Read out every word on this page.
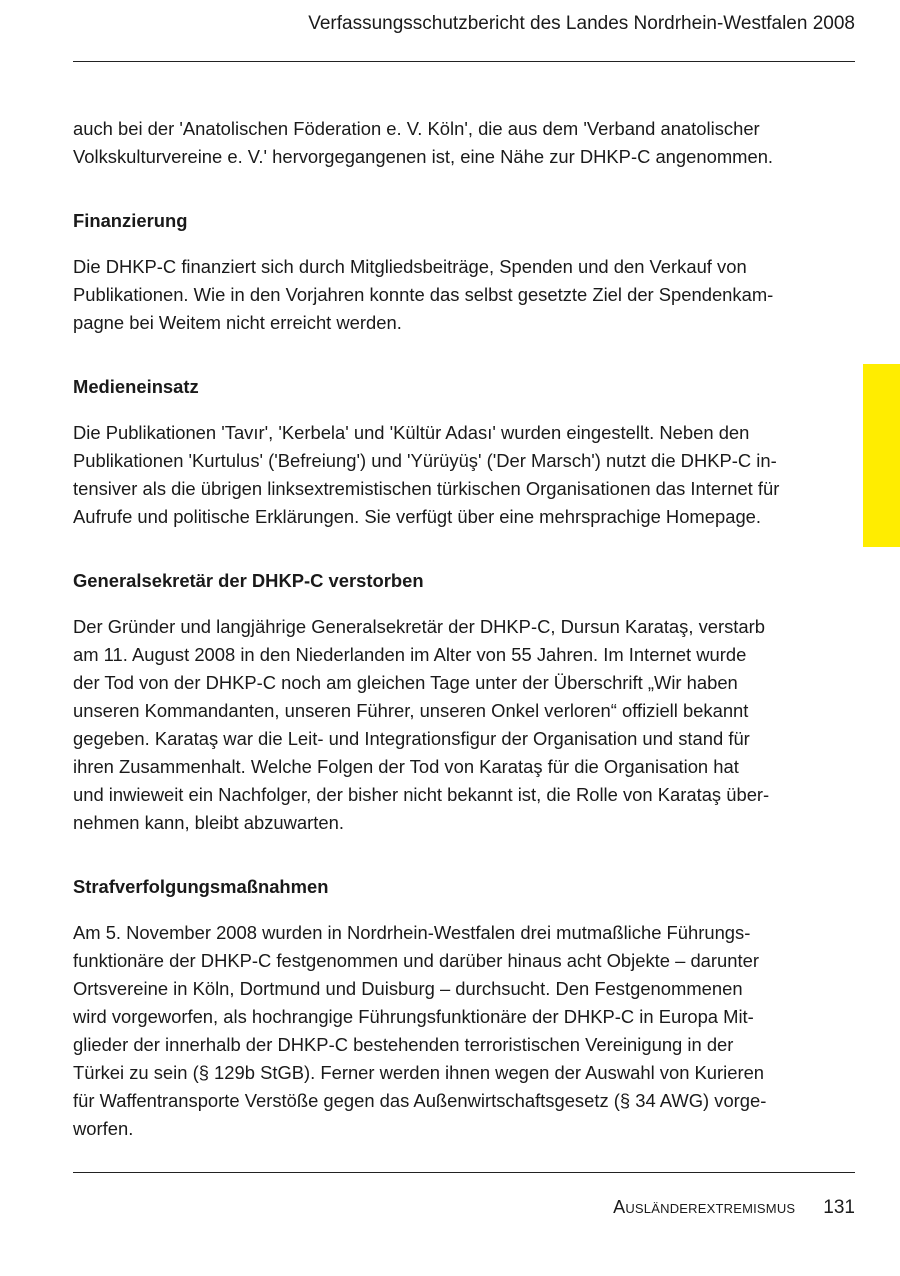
Verfassungsschutzbericht des Landes Nordrhein-Westfalen 2008

auch bei der 'Anatolischen Föderation e. V. Köln', die aus dem 'Verband anatolischer
Volkskulturvereine e. V.' hervorgegangenen ist, eine Nähe zur DHKP-C angenommen.

Finanzierung

Die DHKP-C finanziert sich durch Mitgliedsbeiträge, Spenden und den Verkauf von
Publikationen. Wie in den Vorjahren konnte das selbst gesetzte Ziel der Spendenkam-
pagne bei Weitem nicht erreicht werden.

Medieneinsatz

Die Publikationen 'Tavır', 'Kerbela' und 'Kültür Adası' wurden eingestellt. Neben den
Publikationen 'Kurtulus' ('Befreiung') und 'Yürüyüş' ('Der Marsch') nutzt die DHKP-C in-
tensiver als die übrigen linksextremistischen türkischen Organisationen das Internet für
Aufrufe und politische Erklärungen. Sie verfügt über eine mehrsprachige Homepage.

Generalsekretär der DHKP-C verstorben

Der Gründer und langjährige Generalsekretär der DHKP-C, Dursun Karataş, verstarb
am 11. August 2008 in den Niederlanden im Alter von 55 Jahren. Im Internet wurde
der Tod von der DHKP-C noch am gleichen Tage unter der Überschrift „Wir haben
unseren Kommandanten, unseren Führer, unseren Onkel verloren“ offiziell bekannt
gegeben. Karataş war die Leit- und Integrationsfigur der Organisation und stand für
ihren Zusammenhalt. Welche Folgen der Tod von Karataş für die Organisation hat
und inwieweit ein Nachfolger, der bisher nicht bekannt ist, die Rolle von Karataş über-
nehmen kann, bleibt abzuwarten.

Strafverfolgungsmaßnahmen

Am 5. November 2008 wurden in Nordrhein-Westfalen drei mutmaßliche Führungs-
funktionäre der DHKP-C festgenommen und darüber hinaus acht Objekte – darunter
Ortsvereine in Köln, Dortmund und Duisburg – durchsucht. Den Festgenommenen
wird vorgeworfen, als hochrangige Führungsfunktionäre der DHKP-C in Europa Mit-
glieder der innerhalb der DHKP-C bestehenden terroristischen Vereinigung in der
Türkei zu sein (§ 129b StGB). Ferner werden ihnen wegen der Auswahl von Kurieren
für Waffentransporte Verstöße gegen das Außenwirtschaftsgesetz (§ 34 AWG) vorge-
worfen.

Ausländerextremismus 131
